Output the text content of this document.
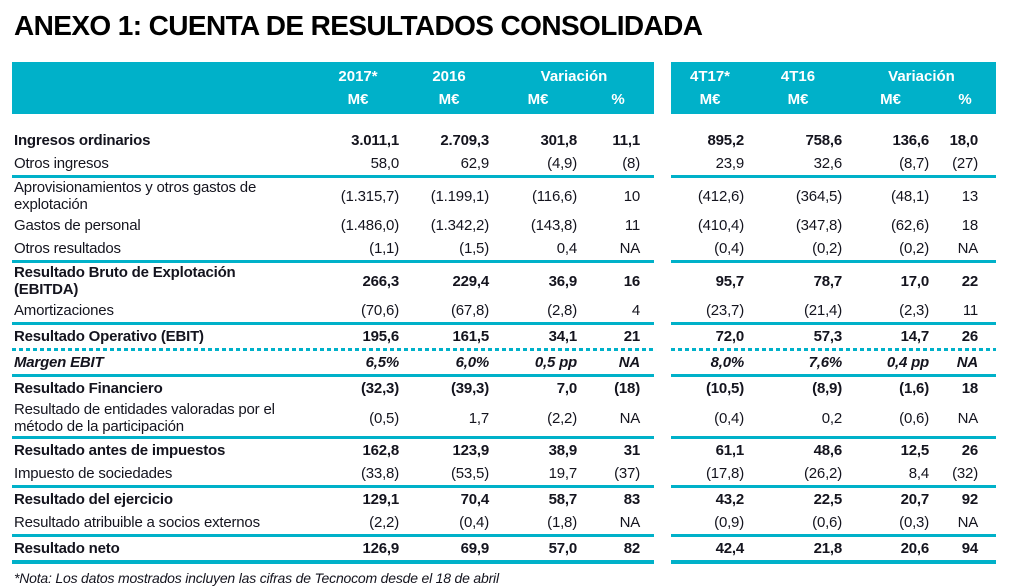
ANEXO 1: CUENTA DE RESULTADOS CONSOLIDADA
2017*	2016	Variación
M€	M€	M€	%
4T17*	4T16	Variación
M€	M€	M€	%
Ingresos ordinarios	3.011,1	2.709,3	301,8	11,1	895,2	758,6	136,6	18,0
Otros ingresos	58,0	62,9	(4,9)	(8)	23,9	32,6	(8,7)	(27)
Aprovisionamientos y otros gastos de explotación	(1.315,7)	(1.199,1)	(116,6)	10	(412,6)	(364,5)	(48,1)	13
Gastos de personal	(1.486,0)	(1.342,2)	(143,8)	11	(410,4)	(347,8)	(62,6)	18
Otros resultados	(1,1)	(1,5)	0,4	NA	(0,4)	(0,2)	(0,2)	NA
Resultado Bruto de Explotación (EBITDA)	266,3	229,4	36,9	16	95,7	78,7	17,0	22
Amortizaciones	(70,6)	(67,8)	(2,8)	4	(23,7)	(21,4)	(2,3)	11
Resultado Operativo (EBIT)	195,6	161,5	34,1	21	72,0	57,3	14,7	26
Margen EBIT	6,5%	6,0%	0,5 pp	NA	8,0%	7,6%	0,4 pp	NA
Resultado Financiero	(32,3)	(39,3)	7,0	(18)	(10,5)	(8,9)	(1,6)	18
Resultado de entidades valoradas por el método de la participación	(0,5)	1,7	(2,2)	NA	(0,4)	0,2	(0,6)	NA
Resultado antes de impuestos	162,8	123,9	38,9	31	61,1	48,6	12,5	26
Impuesto de sociedades	(33,8)	(53,5)	19,7	(37)	(17,8)	(26,2)	8,4	(32)
Resultado del ejercicio	129,1	70,4	58,7	83	43,2	22,5	20,7	92
Resultado atribuible a socios externos	(2,2)	(0,4)	(1,8)	NA	(0,9)	(0,6)	(0,3)	NA
Resultado neto	126,9	69,9	57,0	82	42,4	21,8	20,6	94
*Nota: Los datos mostrados incluyen las cifras de Tecnocom desde el 18 de abril
